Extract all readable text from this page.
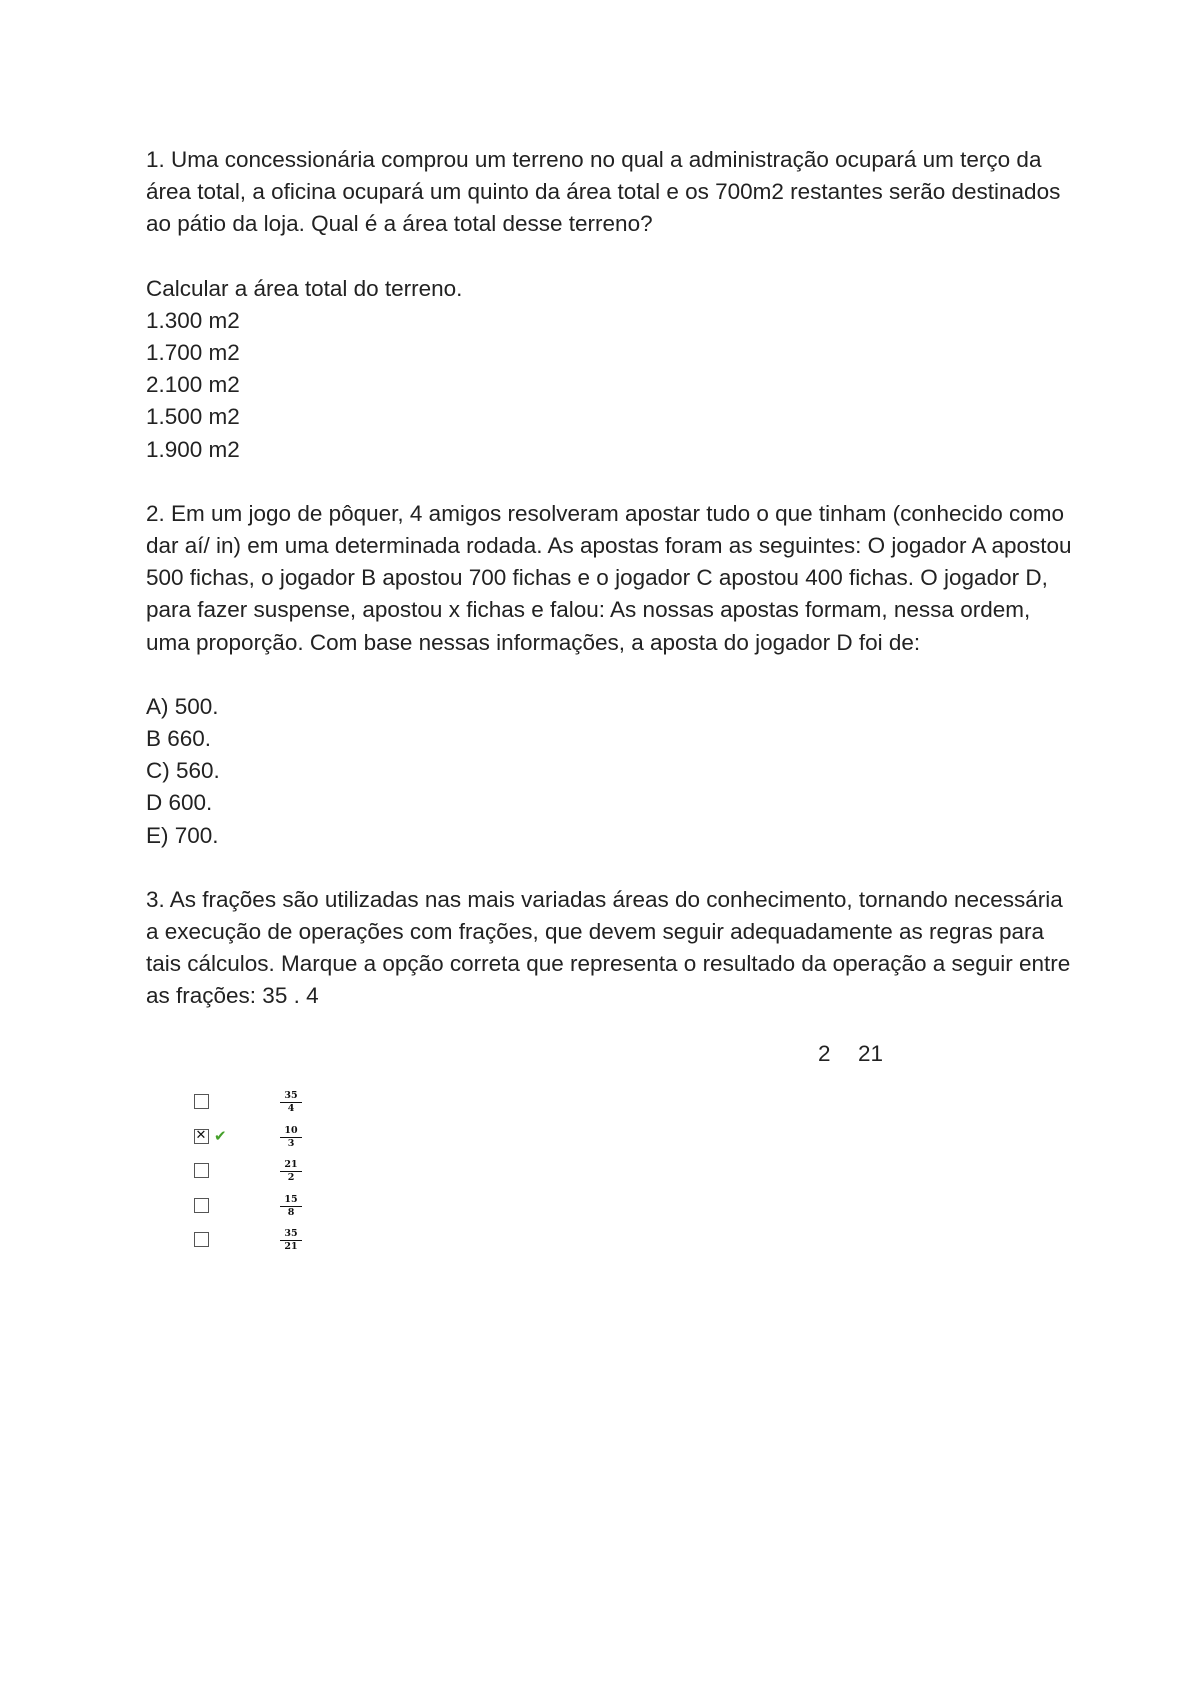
1. Uma concessionária comprou um terreno no qual a administração ocupará um terço da área total, a oficina ocupará um quinto da área total e os 700m2 restantes serão destinados ao pátio da loja. Qual é a área total desse terreno?

Calcular a área total do terreno.

1.300 m2

1.700 m2

2.100 m2

1.500 m2

1.900 m2

2. Em um jogo de pôquer, 4 amigos resolveram apostar tudo o que tinham (conhecido como dar aí/ in) em uma determinada rodada. As apostas foram as seguintes: O jogador A apostou 500 fichas, o jogador B apostou 700 fichas e o jogador C apostou 400 fichas. O jogador D, para fazer suspense, apostou x fichas e falou: As nossas apostas formam, nessa ordem, uma proporção. Com base nessas informações, a aposta do jogador D foi de:

A) 500.

B 660.

C) 560.

D 600.

E) 700.

3. As frações são utilizadas nas mais variadas áreas do conhecimento, tornando necessária a execução de operações com frações, que devem seguir adequadamente as regras para tais cálculos. Marque a opção correta que representa o resultado da operação a seguir entre as frações: 35 . 4

2 21
$\frac{35}{4}$
✕
✔	$\frac{10}{3}$
$\frac{21}{2}$
$\frac{15}{8}$
$\frac{35}{21}$
